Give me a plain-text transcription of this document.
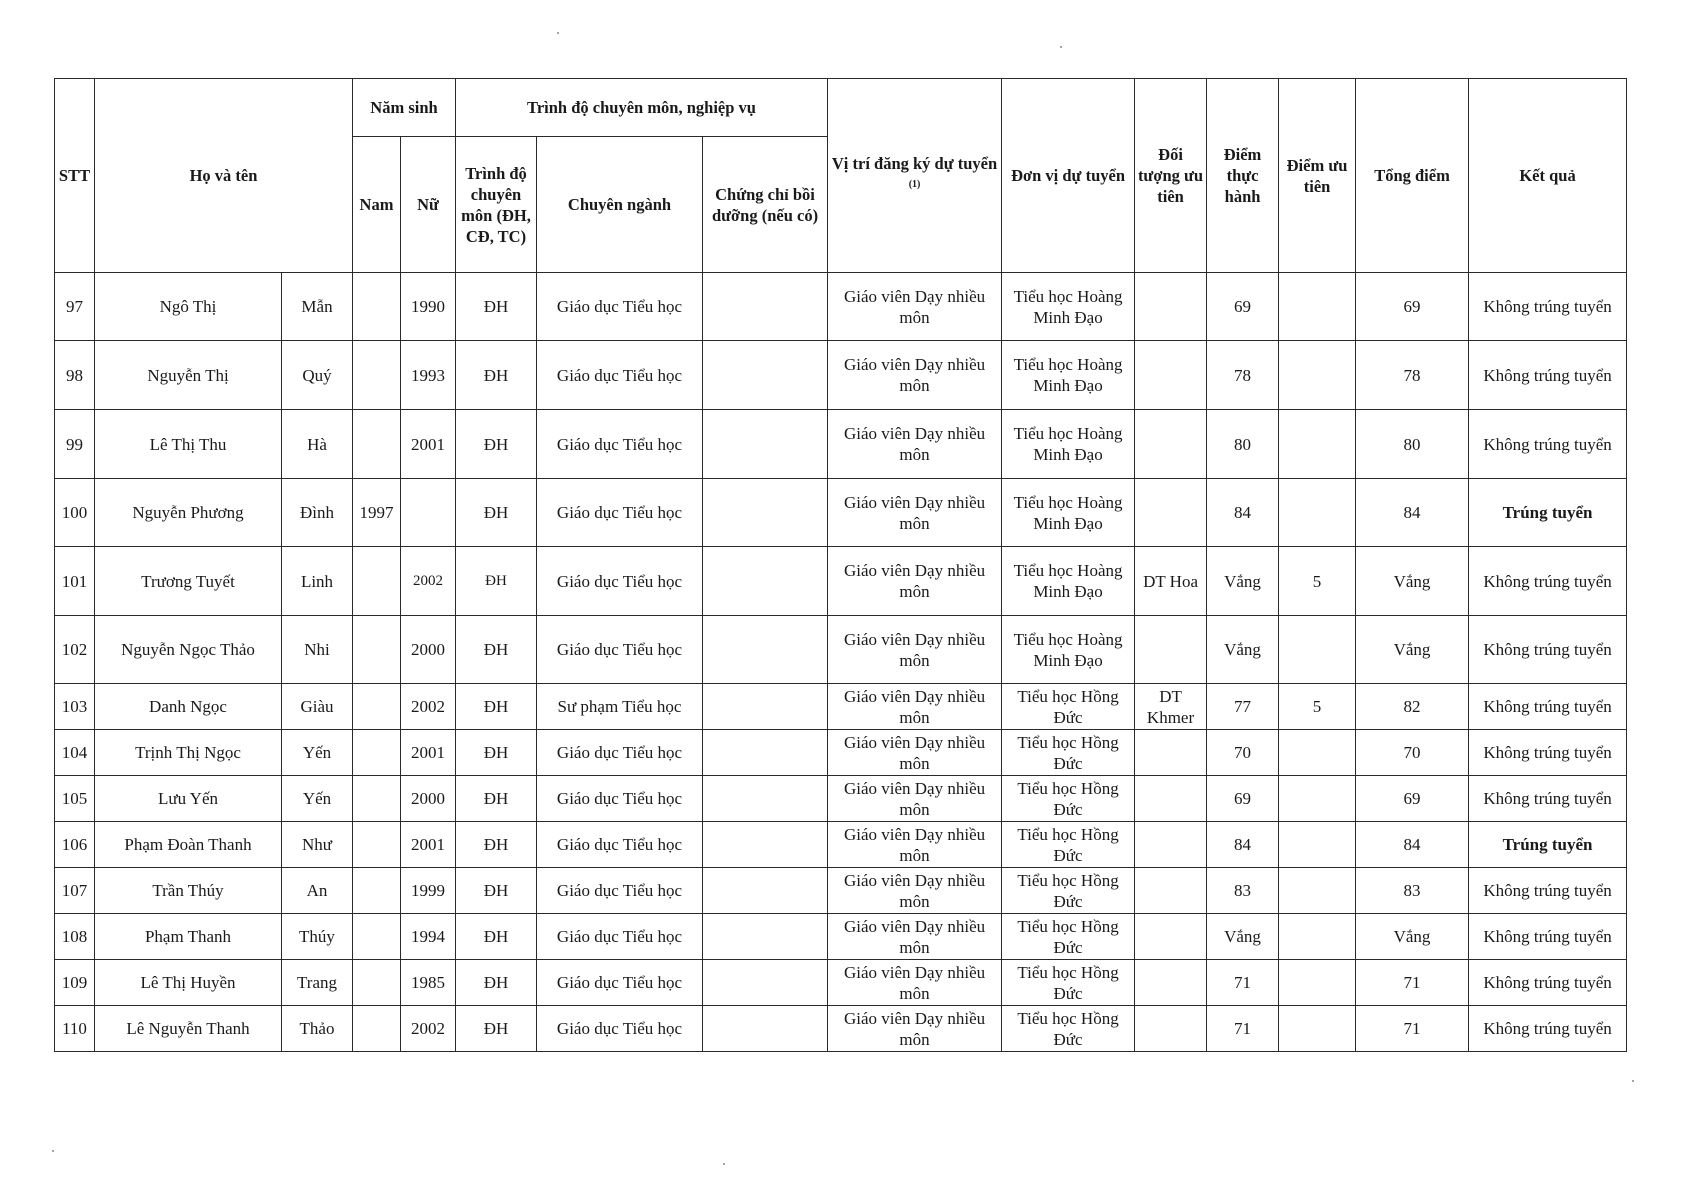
STT	Họ và tên		Năm sinh		Trình độ chuyên môn, nghiệp vụ			Vị trí đăng ký dự tuyển $^{(1)}$	Đơn vị dự tuyển	Đối tượng ưu tiên	Điểm thực hành	Điểm ưu tiên	Tổng điểm	Kết quả
			Nam	Nữ	Trình độ chuyên môn (ĐH, CĐ, TC)	Chuyên ngành	Chứng chỉ bồi dưỡng (nếu có)							
97	Ngô Thị	Mẫn		1990	ĐH	Giáo dục Tiểu học		Giáo viên Dạy nhiều môn	Tiểu học Hoàng Minh Đạo		69		69	Không trúng tuyển
98	Nguyễn Thị	Quý		1993	ĐH	Giáo dục Tiểu học		Giáo viên Dạy nhiều môn	Tiểu học Hoàng Minh Đạo		78		78	Không trúng tuyển
99	Lê Thị Thu	Hà		2001	ĐH	Giáo dục Tiểu học		Giáo viên Dạy nhiều môn	Tiểu học Hoàng Minh Đạo		80		80	Không trúng tuyển
100	Nguyễn Phương	Đình	1997		ĐH	Giáo dục Tiểu học		Giáo viên Dạy nhiều môn	Tiểu học Hoàng Minh Đạo		84		84	Trúng tuyển
101	Trương Tuyết	Linh		2002	ĐH	Giáo dục Tiểu học		Giáo viên Dạy nhiều môn	Tiểu học Hoàng Minh Đạo	DT Hoa	Vắng	5	Vắng	Không trúng tuyển
102	Nguyễn Ngọc Thảo	Nhi		2000	ĐH	Giáo dục Tiểu học		Giáo viên Dạy nhiều môn	Tiểu học Hoàng Minh Đạo		Vắng		Vắng	Không trúng tuyển
103	Danh Ngọc	Giàu		2002	ĐH	Sư phạm Tiểu học		Giáo viên Dạy nhiều môn	Tiểu học Hồng Đức	DT Khmer	77	5	82	Không trúng tuyển
104	Trịnh Thị Ngọc	Yến		2001	ĐH	Giáo dục Tiểu học		Giáo viên Dạy nhiều môn	Tiểu học Hồng Đức		70		70	Không trúng tuyển
105	Lưu Yến	Yến		2000	ĐH	Giáo dục Tiểu học		Giáo viên Dạy nhiều môn	Tiểu học Hồng Đức		69		69	Không trúng tuyển
106	Phạm Đoàn Thanh	Như		2001	ĐH	Giáo dục Tiểu học		Giáo viên Dạy nhiều môn	Tiểu học Hồng Đức		84		84	Trúng tuyển
107	Trần Thúy	An		1999	ĐH	Giáo dục Tiểu học		Giáo viên Dạy nhiều môn	Tiểu học Hồng Đức		83		83	Không trúng tuyển
108	Phạm Thanh	Thúy		1994	ĐH	Giáo dục Tiểu học		Giáo viên Dạy nhiều môn	Tiểu học Hồng Đức		Vắng		Vắng	Không trúng tuyển
109	Lê Thị Huyền	Trang		1985	ĐH	Giáo dục Tiểu học		Giáo viên Dạy nhiều môn	Tiểu học Hồng Đức		71		71	Không trúng tuyển
110	Lê Nguyễn Thanh	Thảo		2002	ĐH	Giáo dục Tiểu học		Giáo viên Dạy nhiều môn	Tiểu học Hồng Đức		71		71	Không trúng tuyển
